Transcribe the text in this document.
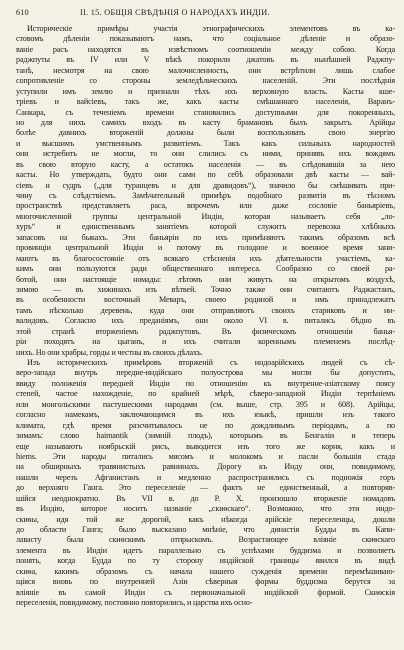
610	II. 15. ОБЩІЯ СВѢДѢНІЯ О НАРОДАХЪ ИНДІИ.
Историческіе примѣры участія этнографическихъ элементовъ въ ка-
стовомъ дѣленіи показываютъ намъ, что соціальное дѣленіе и образо-
ваніе расъ находятся въ извѣстномъ соотношеніи между собою. Когда
раджпуты въ IV или V вѣкѣ покорили джатовъ въ нынѣшней Раджпу-
танѣ, несмотря на свою малочисленность, они встрѣтили лишь слабое
сопротивленіе со стороны земледѣльческихъ населеній. Эти послѣднія
уступили имъ землю и признали тѣхъ ихъ верховную власть. Касты кше-
тріевъ и вайсіевъ, такъ же, какъ касты смѣшаннаго населенія, Варанъ-
Санкара, съ теченіемъ времени становились доступными для покоренныхъ,
но для нихъ самихъ входъ въ касту брамановъ былъ закрытъ. Арійцы
болѣе давнихъ вторженій должны были воспользовать свою энергію
и высшимъ умственнымъ развитіемъ. Такъ какъ сильныхъ народностей
они истребить не могли, то они слились съ ними, принявъ ихъ вождямъ
въ свою вторую касту, а остатокъ населенія — въ слѣдовавшія за нею
касты. Но утверждать, будто они сами по себѣ образовали двѣ касты — вай-
сіевъ и судръ („для туранцевъ и для дравидовъ“), значило бы смѣшивать при-
чину съ слѣдствіемъ. Замѣчательный примѣръ подобнаго развитія въ тѣсномъ
пространствѣ представляетъ раса, впрочемъ или даже сословіе баньяріевъ,
многочисленной группы центральной Индіи, которая называетъ себя „ло-
хуръ“ и единственнымъ занятіемъ которой служитъ перевозка хлѣбныхъ
запасовъ на быкахъ. Эти баньяріи по ихъ примѣняютъ такимъ образомъ всѣ
провинціи центральной Индіи и потому въ голодное и военное время зани-
маютъ въ благосостояніе отъ всякаго стѣсненія ихъ дѣятельности участіемъ, ка-
кимъ они пользуются ради общественнаго интереса. Сообразно со своей ра-
ботой, они настоящіе номады: лѣтомъ они живутъ на открытомъ воздухѣ,
зимою — въ хижинахъ изъ вѣтвей. Точно также они считаютъ Раджастанъ,
въ особенности восточный Меваръ, своею родиной и имъ принадлежатъ
тамъ нѣсколько деревень, куда они отправляютъ своихъ стариковъ и ин-
валидовъ. Согласно ихъ преданіямъ, они около VI в. питались бѣдно въ
этой странѣ вторженіемъ раджпутовъ. Въ физическомъ отношеніи банья-
ріи походятъ на цыганъ, и ихъ считали кореннымъ племенемъ послѣд-
нихъ. Но они храбры, горды и честны въ своихъ дѣлахъ.
Изъ историческихъ примѣровъ вторженій съ индоарійскихъ людей съ сѣ-
веро-запада внутрь передне-индійскаго полуострова мы могли бы допустить,
ввиду положенія передней Индіи по отношенію къ внутренне-азіатскому поясу
степей, частое нахожденіе, по крайней мѣрѣ, сѣверо-западной Индіи терпѣніемъ
или монгольскими пастушескими народами (см. выше, стр. 395 и 608). Арійцы,
согласно намекамъ, заключающимся въ ихъ языкѣ, пришли изъ такого
климата, гдѣ время разсчитывалось не по дождливымъ періодамъ, а по
зимамъ: слово haimantik (зимній плодъ), которымъ въ Бенгаліи и теперь
еще называютъ ноябрьскій рисъ, выводится изъ того же корня, какъ и
hiems. Эти народы питались мясомъ и молокомъ и пасли большія стада
на обширныхъ травянистыхъ равнинахъ. Дорогу къ Инду они, повидимому,
нашли черезъ Афганистанъ и медленно распространялись съ подножія горъ
до верхняго Ганга. Это переселеніе — фактъ не единственный, а повторяв-
шійся неоднократно. Въ VII в. до Р. Х. произошло вторженіе номадовъ
въ Индію, которое носитъ названіе „скиѳскаго“. Возможно, что эти индо-
скиѳы, идя той же дорогой, какъ нѣкогда арійскіе переселенцы, дошли
до области Ганга; было высказано мнѣніе, что династія Будды въ Капи-
лавасту была скиѳскимъ отпрыскомъ. Возрастающее вліяніе скиѳскаго
элемента въ Индіи идетъ параллельно съ успѣхами буддизма и позволяетъ
понять, когда Будда по ту сторону индійской границы явился въ видѣ
скиѳа, какимъ образомъ съ начала нашего сужденія времени перемѣшиваю-
щіяся вновь по внутренней Азіи сѣверныя формы буддизма берутся за
вліяніе въ самой Индіи съ первоначальной индійской формой. Скиѳскія
переселенія, повидимому, постоянно повторились, и царства ихъ осно-
